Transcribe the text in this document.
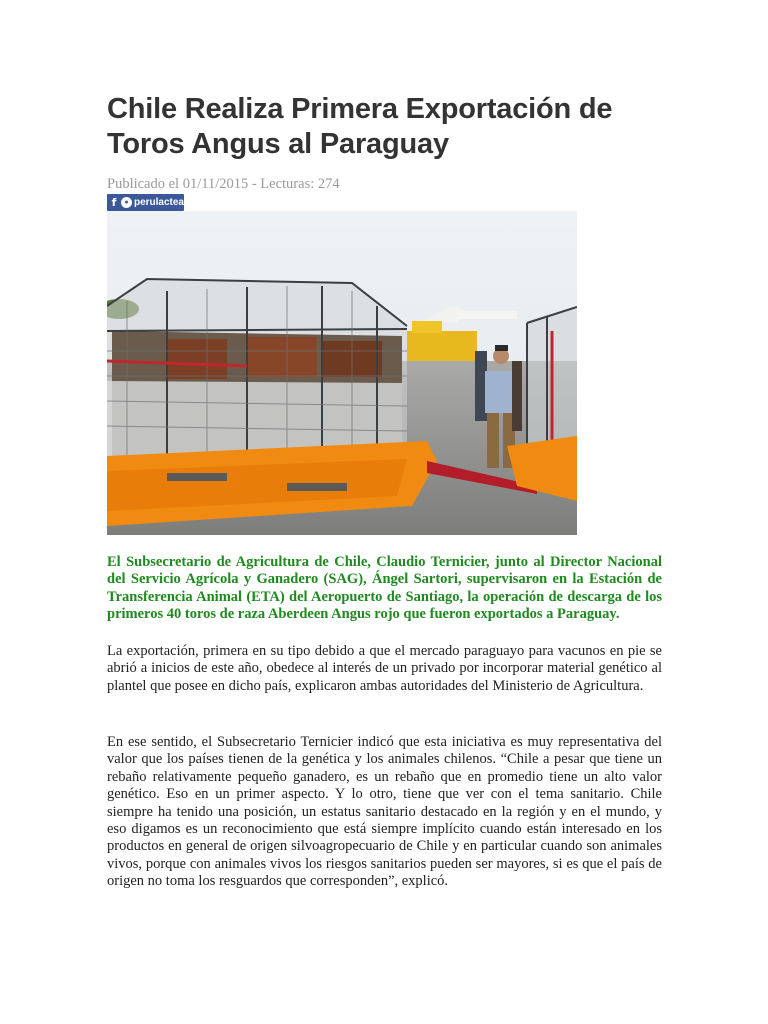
Chile Realiza Primera Exportación de Toros Angus al Paraguay
Publicado el 01/11/2015 - Lecturas: 274
f	● perulactea

El Subsecretario de Agricultura de Chile, Claudio Ternicier, junto al Director Nacional del Servicio Agrícola y Ganadero (SAG), Ángel Sartori, supervisaron en la Estación de Transferencia Animal (ETA) del Aeropuerto de Santiago, la operación de descarga de los primeros 40 toros de raza Aberdeen Angus rojo que fueron exportados a Paraguay.

La exportación, primera en su tipo debido a que el mercado paraguayo para vacunos en pie se abrió a inicios de este año, obedece al interés de un privado por incorporar material genético al plantel que posee en dicho país, explicaron ambas autoridades del Ministerio de Agricultura.

En ese sentido, el Subsecretario Ternicier indicó que esta iniciativa es muy representativa del valor que los países tienen de la genética y los animales chilenos. “Chile a pesar que tiene un rebaño relativamente pequeño ganadero, es un rebaño que en promedio tiene un alto valor genético. Eso en un primer aspecto. Y lo otro, tiene que ver con el tema sanitario. Chile siempre ha tenido una posición, un estatus sanitario destacado en la región y en el mundo, y eso digamos es un reconocimiento que está siempre implícito cuando están interesado en los productos en general de origen silvoagropecuario de Chile y en particular cuando son animales vivos, porque con animales vivos los riesgos sanitarios pueden ser mayores, si es que el país de origen no toma los resguardos que corresponden”, explicó.
